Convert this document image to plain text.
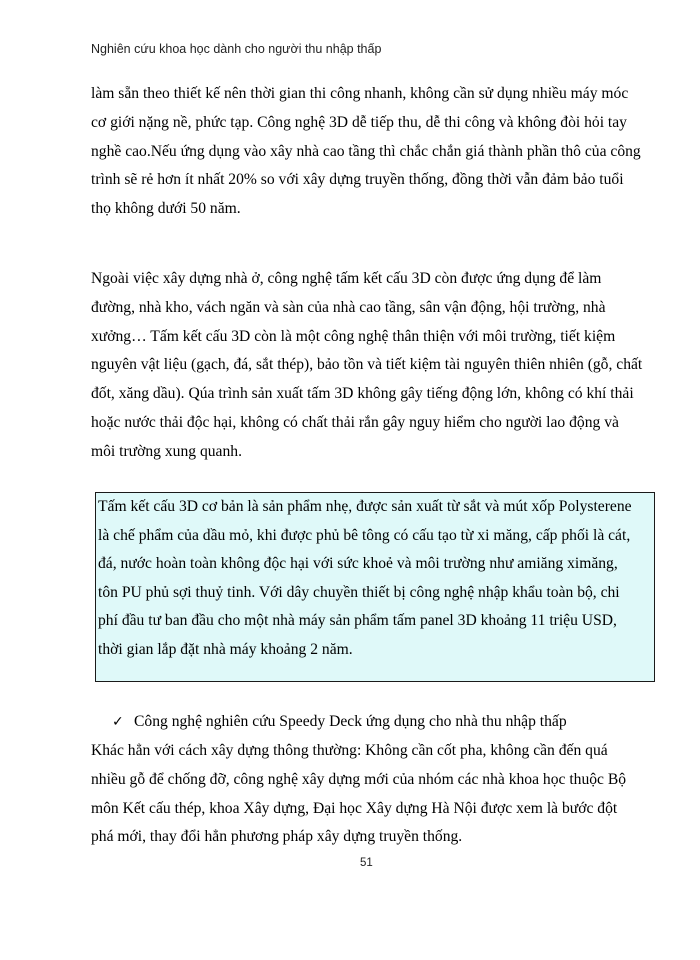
Nghiên cứu khoa học dành cho người thu nhập thấp
làm sẵn theo thiết kế nên thời gian thi công nhanh, không cần sử dụng nhiều máy móc
cơ giới nặng nề, phức tạp. Công nghệ 3D dễ tiếp thu, dễ thi công và không đòi hỏi tay
nghề cao.Nếu ứng dụng vào xây nhà cao tầng thì chắc chắn giá thành phần thô của công
trình sẽ rẻ hơn ít nhất 20% so với xây dựng truyền thống, đồng thời vẫn đảm bảo tuổi
thọ không dưới 50 năm.
Ngoài việc xây dựng nhà ở, công nghệ tấm kết cấu 3D còn được ứng dụng để làm
đường, nhà kho, vách ngăn và sàn của nhà cao tầng, sân vận động, hội trường, nhà
xưởng… Tấm kết cấu 3D còn là một công nghệ thân thiện với môi trường, tiết kiệm
nguyên vật liệu (gạch, đá, sắt thép), bảo tồn và tiết kiệm tài nguyên thiên nhiên (gỗ, chất
đốt, xăng dầu). Qúa trình sản xuất tấm 3D không gây tiếng động lớn, không có khí thải
hoặc nước thải độc hại, không có chất thải rắn gây nguy hiểm cho người lao động và
môi trường xung quanh.
Tấm kết cấu 3D cơ bản là sản phẩm nhẹ, được sản xuất từ sắt và mút xốp Polysterene
là chế phẩm của dầu mỏ, khi được phủ bê tông có cấu tạo từ xi măng, cấp phối là cát,
đá, nước hoàn toàn không độc hại với sức khoẻ và môi trường như amiăng ximăng,
tôn PU phủ sợi thuỷ tinh. Với dây chuyền thiết bị công nghệ nhập khẩu toàn bộ, chi
phí đầu tư ban đầu cho một nhà máy sản phẩm tấm panel 3D khoảng 11 triệu USD,
thời gian lắp đặt nhà máy khoảng 2 năm.
✓ Công nghệ nghiên cứu Speedy Deck ứng dụng cho nhà thu nhập thấp
Khác hẳn với cách xây dựng thông thường: Không cần cốt pha, không cần đến quá
nhiều gỗ để chống đỡ, công nghệ xây dựng mới của nhóm các nhà khoa học thuộc Bộ
môn Kết cấu thép, khoa Xây dựng, Đại học Xây dựng Hà Nội được xem là bước đột
phá mới, thay đổi hẳn phương pháp xây dựng truyền thống.
51
